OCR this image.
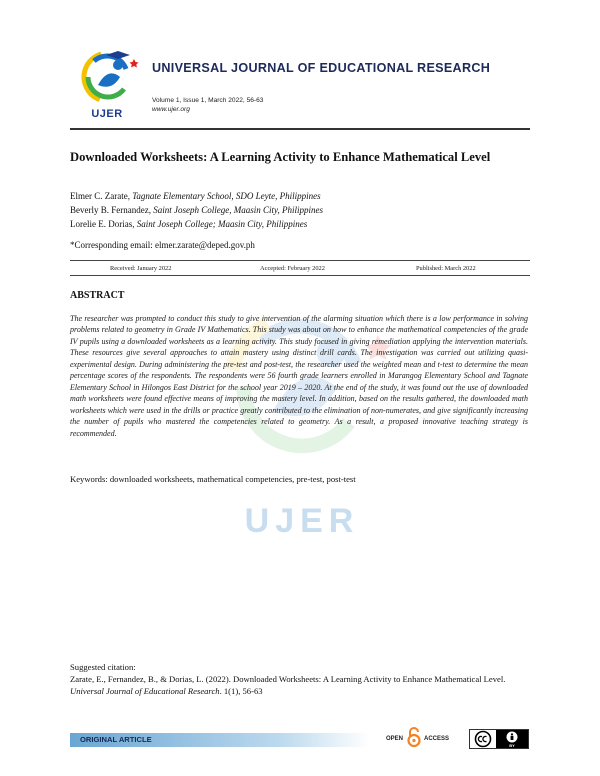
UJER
UNIVERSAL JOURNAL OF EDUCATIONAL RESEARCH
Volume 1, Issue 1, March 2022, 56-63
www.ujer.org
UJER
Downloaded Worksheets: A Learning Activity to Enhance Mathematical Level
Elmer C. Zarate, Tagnate Elementary School, SDO Leyte, Philippines
Beverly B. Fernandez, Saint Joseph College, Maasin City, Philippines
Lorelie E. Dorias, Saint Joseph College; Maasin City, Philippines
*Corresponding email: elmer.zarate@deped.gov.ph
Received: January 2022	Accepted: February 2022	Published: March 2022
ABSTRACT
The researcher was prompted to conduct this study to give intervention of the alarming situation which there is a low performance in solving problems related to geometry in Grade IV Mathematics. This study was about on how to enhance the mathematical competencies of the grade IV pupils using a downloaded worksheets as a learning activity. This study focused in giving remediation applying the intervention materials. These resources give several approaches to attain mastery using distinct drill cards. The investigation was carried out utilizing quasi-experimental design. During administering the pre-test and post-test, the researcher used the weighted mean and t-test to determine the mean percentage scores of the respondents. The respondents were 56 fourth grade learners enrolled in Marangog Elementary School and Tagnate Elementary School in Hilongos East District for the school year 2019 – 2020. At the end of the study, it was found out the use of downloaded math worksheets were found effective means of improving the mastery level. In addition, based on the results gathered, the downloaded math worksheets which were used in the drills or practice greatly contributed to the elimination of non-numerates, and give significantly increasing the number of pupils who mastered the competencies related to geometry. As a result, a proposed innovative teaching strategy is recommended.
Keywords: downloaded worksheets, mathematical competencies, pre-test, post-test
Suggested citation:
Zarate, E., Fernandez, B., & Dorias, L. (2022). Downloaded Worksheets: A Learning Activity to Enhance Mathematical Level. Universal Journal of Educational Research. 1(1), 56-63
ORIGINAL ARTICLE	OPEN	ACCESS
BY
